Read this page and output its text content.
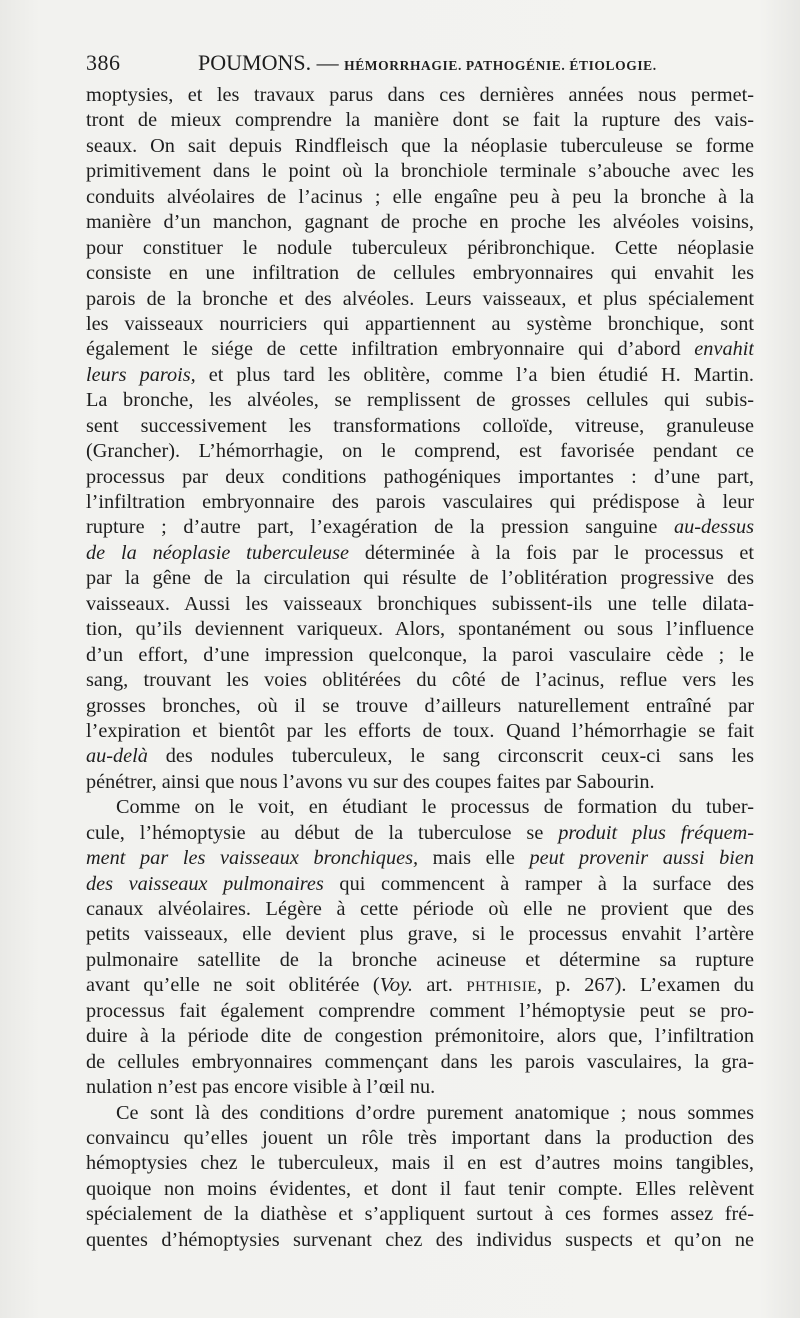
386	POUMONS. — HÉMORRHAGIE. PATHOGÉNIE. ÉTIOLOGIE.
moptysies, et les travaux parus dans ces dernières années nous permet-
tront de mieux comprendre la manière dont se fait la rupture des vais-
seaux. On sait depuis Rindfleisch que la néoplasie tuberculeuse se forme
primitivement dans le point où la bronchiole terminale s’abouche avec les
conduits alvéolaires de l’acinus ; elle engaîne peu à peu la bronche à la
manière d’un manchon, gagnant de proche en proche les alvéoles voisins,
pour constituer le nodule tuberculeux péribronchique. Cette néoplasie
consiste en une infiltration de cellules embryonnaires qui envahit les
parois de la bronche et des alvéoles. Leurs vaisseaux, et plus spécialement
les vaisseaux nourriciers qui appartiennent au système bronchique, sont
également le siége de cette infiltration embryonnaire qui d’abord envahit
leurs parois, et plus tard les oblitère, comme l’a bien étudié H. Martin.
La bronche, les alvéoles, se remplissent de grosses cellules qui subis-
sent successivement les transformations colloïde, vitreuse, granuleuse
(Grancher). L’hémorrhagie, on le comprend, est favorisée pendant ce
processus par deux conditions pathogéniques importantes : d’une part,
l’infiltration embryonnaire des parois vasculaires qui prédispose à leur
rupture ; d’autre part, l’exagération de la pression sanguine au-dessus
de la néoplasie tuberculeuse déterminée à la fois par le processus et
par la gêne de la circulation qui résulte de l’oblitération progressive des
vaisseaux. Aussi les vaisseaux bronchiques subissent-ils une telle dilata-
tion, qu’ils deviennent variqueux. Alors, spontanément ou sous l’influence
d’un effort, d’une impression quelconque, la paroi vasculaire cède ; le
sang, trouvant les voies oblitérées du côté de l’acinus, reflue vers les
grosses bronches, où il se trouve d’ailleurs naturellement entraîné par
l’expiration et bientôt par les efforts de toux. Quand l’hémorrhagie se fait
au-delà des nodules tuberculeux, le sang circonscrit ceux-ci sans les
pénétrer, ainsi que nous l’avons vu sur des coupes faites par Sabourin.
Comme on le voit, en étudiant le processus de formation du tuber-
cule, l’hémoptysie au début de la tuberculose se produit plus fréquem-
ment par les vaisseaux bronchiques, mais elle peut provenir aussi bien
des vaisseaux pulmonaires qui commencent à ramper à la surface des
canaux alvéolaires. Légère à cette période où elle ne provient que des
petits vaisseaux, elle devient plus grave, si le processus envahit l’artère
pulmonaire satellite de la bronche acineuse et détermine sa rupture
avant qu’elle ne soit oblitérée (Voy. art. PHTHISIE, p. 267). L’examen du
processus fait également comprendre comment l’hémoptysie peut se pro-
duire à la période dite de congestion prémonitoire, alors que, l’infiltration
de cellules embryonnaires commençant dans les parois vasculaires, la gra-
nulation n’est pas encore visible à l’œil nu.
Ce sont là des conditions d’ordre purement anatomique ; nous sommes
convaincu qu’elles jouent un rôle très important dans la production des
hémoptysies chez le tuberculeux, mais il en est d’autres moins tangibles,
quoique non moins évidentes, et dont il faut tenir compte. Elles relèvent
spécialement de la diathèse et s’appliquent surtout à ces formes assez fré-
quentes d’hémoptysies survenant chez des individus suspects et qu’on ne
